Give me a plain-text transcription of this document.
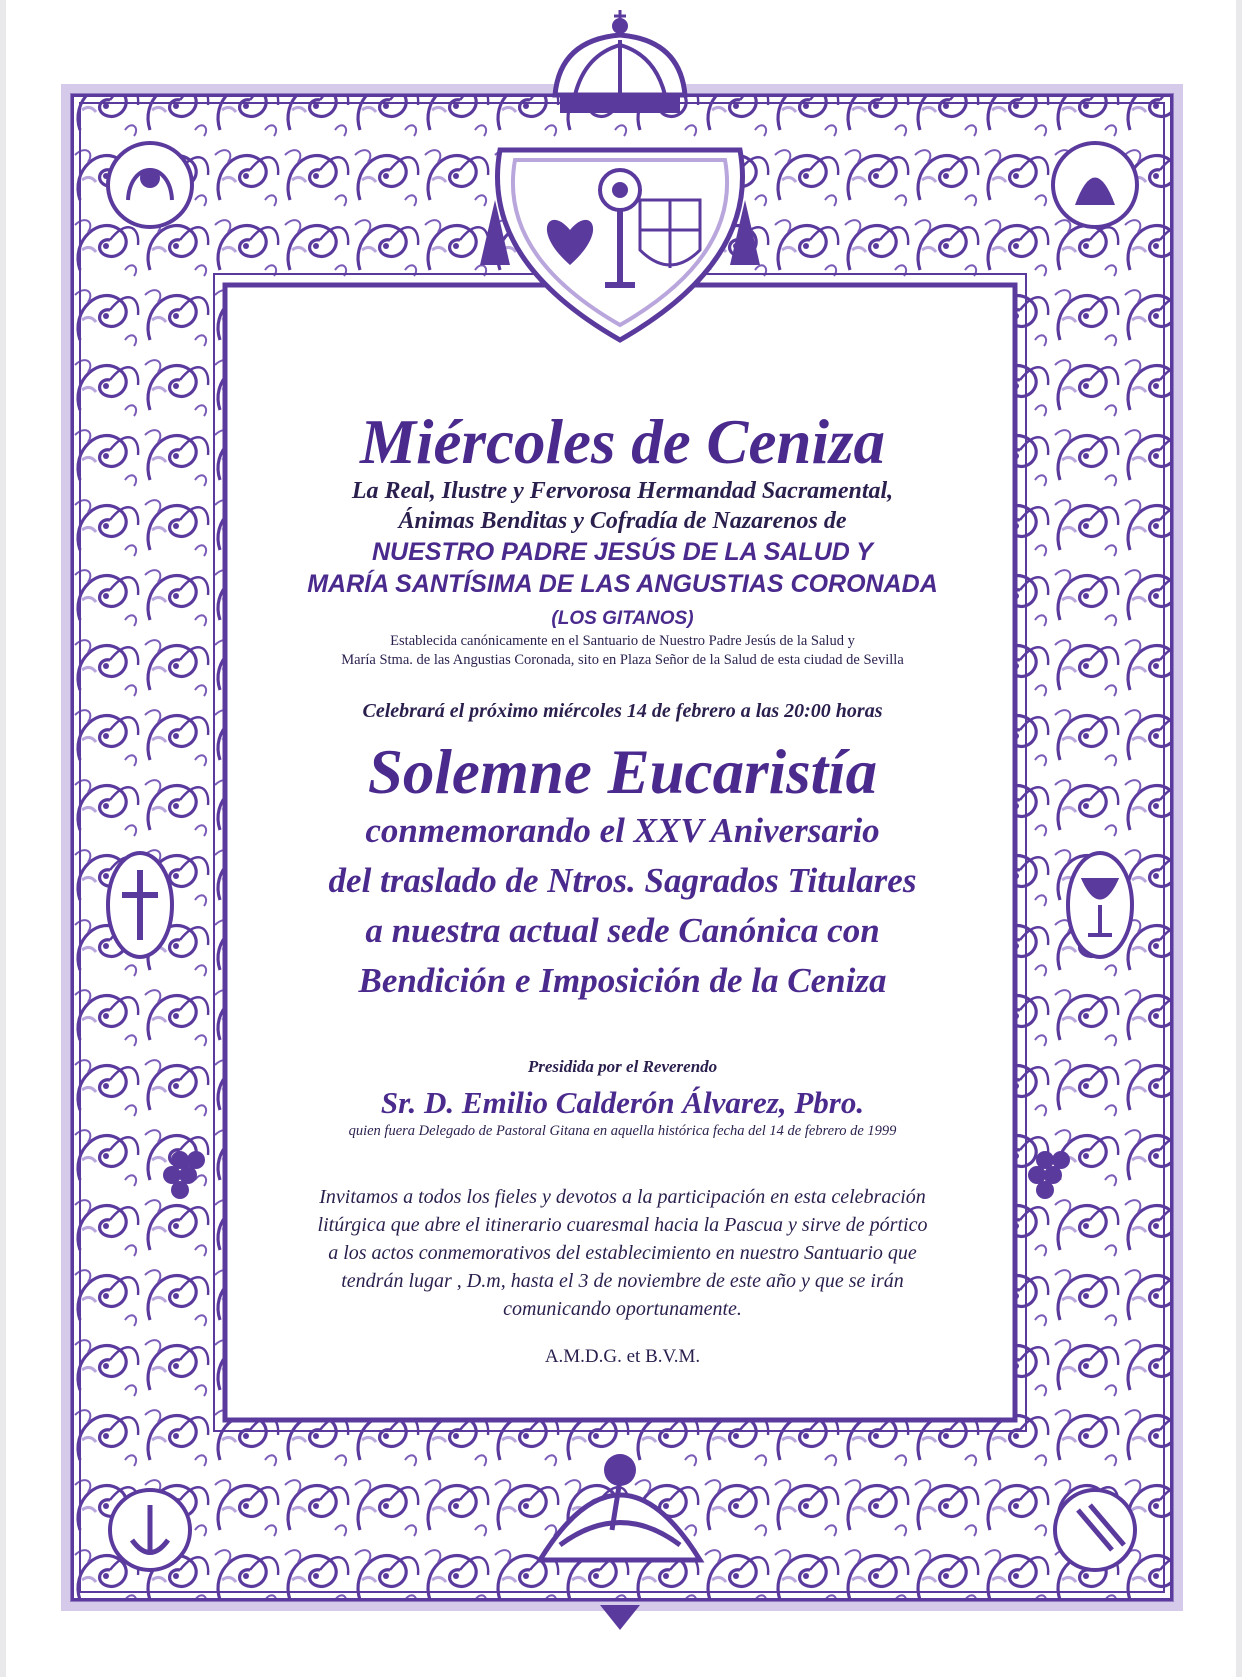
Miércoles de Ceniza

La Real, Ilustre y Fervorosa Hermandad Sacramental,

Ánimas Benditas y Cofradía de Nazarenos de

NUESTRO PADRE JESÚS DE LA SALUD Y

MARÍA SANTÍSIMA DE LAS ANGUSTIAS CORONADA

(LOS GITANOS)

Establecida canónicamente en el Santuario de Nuestro Padre Jesús de la Salud y

María Stma. de las Angustias Coronada, sito en Plaza Señor de la Salud de esta ciudad de Sevilla

Celebrará el próximo miércoles 14 de febrero a las 20:00 horas

Solemne Eucaristía

conmemorando el XXV Aniversario

del traslado de Ntros. Sagrados Titulares

a nuestra actual sede Canónica con

Bendición e Imposición de la Ceniza

Presidida por el Reverendo

Sr. D. Emilio Calderón Álvarez, Pbro.

quien fuera Delegado de Pastoral Gitana en aquella histórica fecha del 14 de febrero de 1999

Invitamos a todos los fieles y devotos a la participación en esta celebración

litúrgica que abre el itinerario cuaresmal hacia la Pascua y sirve de pórtico

a los actos conmemorativos del establecimiento en nuestro Santuario que

tendrán lugar , D.m, hasta el 3 de noviembre de este año y que se irán

comunicando oportunamente.

A.M.D.G. et B.V.M.
